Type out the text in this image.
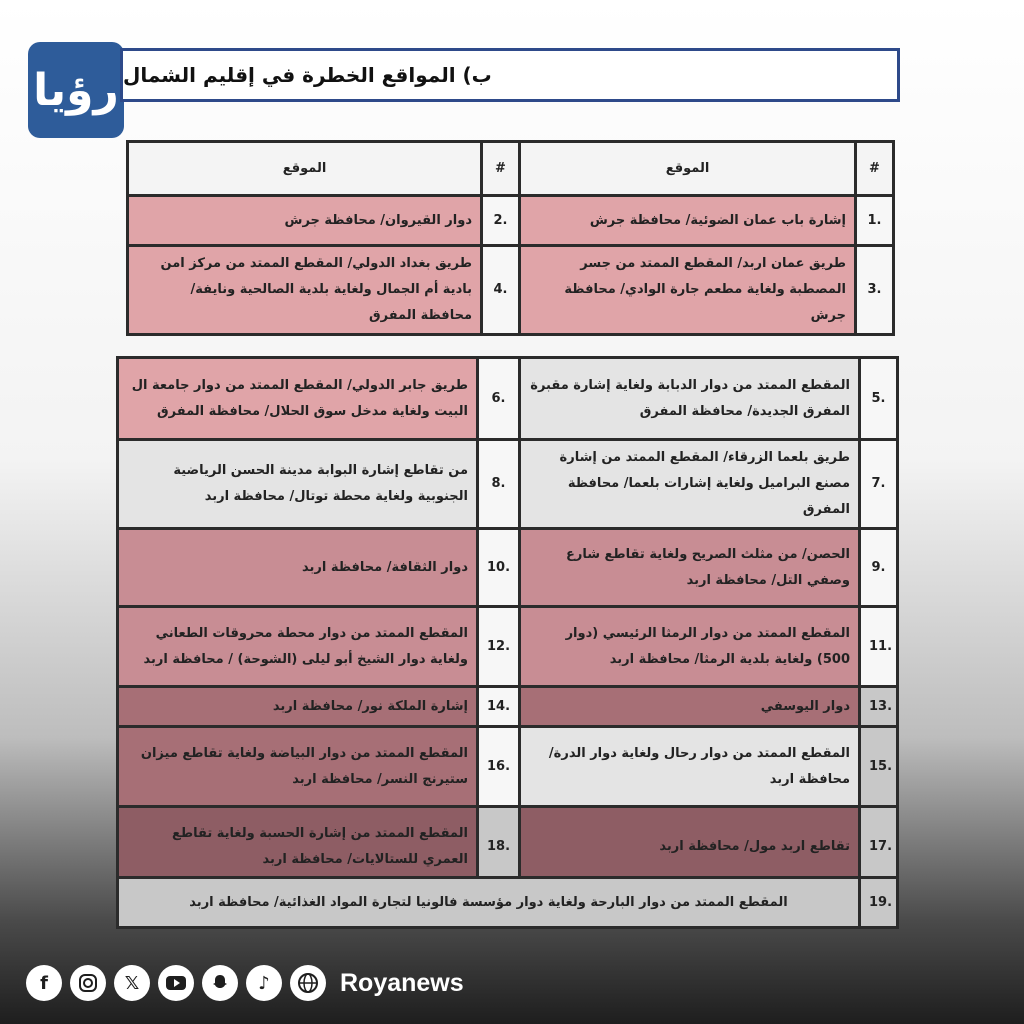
رؤيا ب) المواقع الخطرة في إقليم الشمال
الموقع	#	الموقع	#
دوار القيروان/ محافظة جرش	2.	إشارة باب عمان الضوئية/ محافظة جرش	1.
طريق بغداد الدولي/ المقطع الممتد من مركز امن بادية أم الجمال ولغاية بلدية الصالحية ونايفة/ محافظة المفرق	4.	طريق عمان اربد/ المقطع الممتد من جسر المصطبة ولغاية مطعم جارة الوادي/ محافظة جرش	3.
طريق جابر الدولي/ المقطع الممتد من دوار جامعة ال البيت ولغاية مدخل سوق الحلال/ محافظة المفرق	6.	المقطع الممتد من دوار الدبابة ولغاية إشارة مقبرة المفرق الجديدة/ محافظة المفرق	5.
من تقاطع إشارة البوابة مدينة الحسن الرياضية الجنوبية ولغاية محطة توتال/ محافظة اربد	8.	طريق بلعما الزرقاء/ المقطع الممتد من إشارة مصنع البراميل ولغاية إشارات بلعما/ محافظة المفرق	7.
دوار الثقافة/ محافظة اربد	10.	الحصن/ من مثلث الصريح ولغاية تقاطع شارع وصفي التل/ محافظة اربد	9.
المقطع الممتد من دوار محطة محروقات الطعاني ولغاية دوار الشيخ أبو ليلى (الشوحة) / محافظة اربد	12.	المقطع الممتد من دوار الرمثا الرئيسي (دوار 500) ولغاية بلدية الرمثا/ محافظة اربد	11.
إشارة الملكة نور/ محافظة اربد	14.	دوار اليوسفي	13.
المقطع الممتد من دوار البياضة ولغاية تقاطع ميزان ستيرنج النسر/ محافظة اربد	16.	المقطع الممتد من دوار رحال ولغاية دوار الدرة/ محافظة اربد	15.
المقطع الممتد من إشارة الحسبة ولغاية تقاطع العمري للستالايات/ محافظة اربد	18.	تقاطع اربد مول/ محافظة اربد	17.
المقطع الممتد من دوار البارحة ولغاية دوار مؤسسة فالونيا لتجارة المواد الغذائية/ محافظة اربد	19.
f	𝕏	♪	Royanews
